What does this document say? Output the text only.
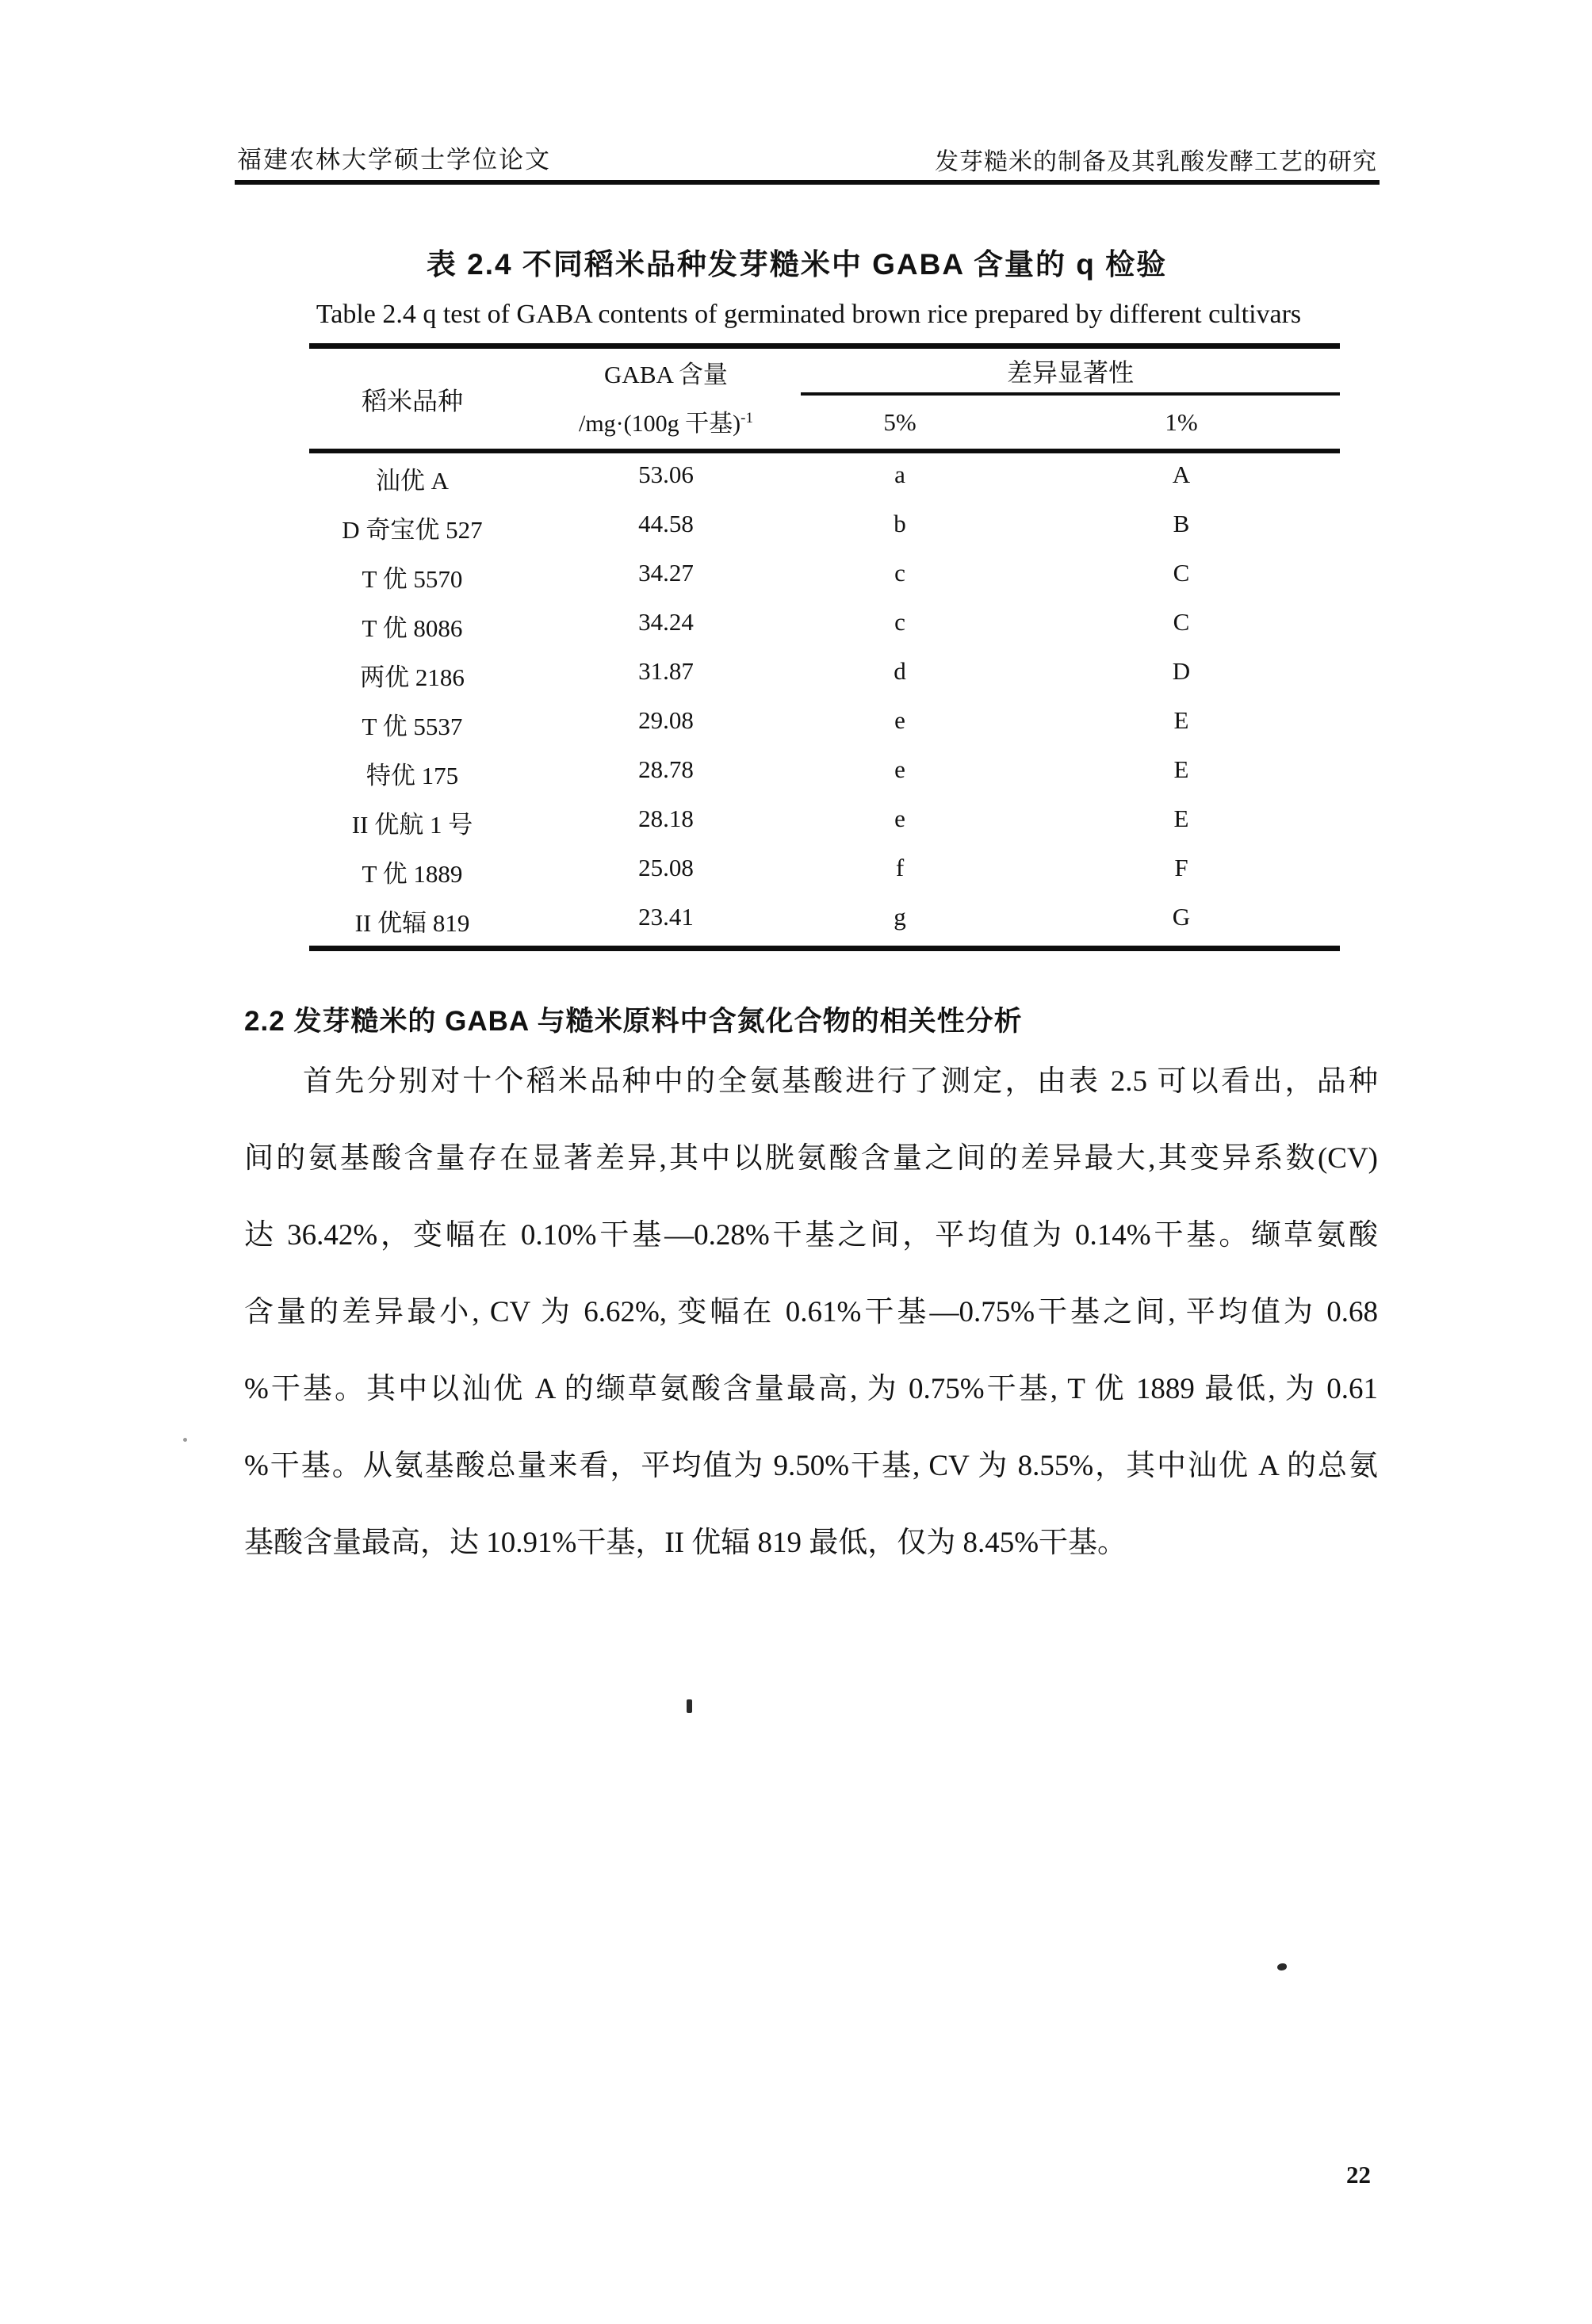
福建农林大学硕士学位论文	发芽糙米的制备及其乳酸发酵工艺的研究
表 2.4 不同稻米品种发芽糙米中 GABA 含量的 q 检验
Table 2.4 q test of GABA contents of germinated brown rice prepared by different cultivars
稻米品种
GABA 含量
/mg·(100g 干基)$^{-1}$
差异显著性
5%	1%
汕优 A	53.06	a	A
D 奇宝优 527	44.58	b	B
T 优 5570	34.27	c	C
T 优 8086	34.24	c	C
两优 2186	31.87	d	D
T 优 5537	29.08	e	E
特优 175	28.78	e	E
II 优航 1 号	28.18	e	E
T 优 1889	25.08	f	F
II 优辐 819	23.41	g	G
2.2 发芽糙米的 GABA 与糙米原料中含氮化合物的相关性分析
首先分别对十个稻米品种中的全氨基酸进行了测定，由表 2.5 可以看出，品种
间的氨基酸含量存在显著差异,其中以胱氨酸含量之间的差异最大,其变异系数(CV)
达 36.42%，变幅在 0.10%干基—0.28%干基之间，平均值为 0.14%干基。缬草氨酸
含量的差异最小, CV 为 6.62%, 变幅在 0.61%干基—0.75%干基之间, 平均值为 0.68
%干基。其中以汕优 A 的缬草氨酸含量最高, 为 0.75%干基, T 优 1889 最低, 为 0.61
%干基。从氨基酸总量来看，平均值为 9.50%干基, CV 为 8.55%，其中汕优 A 的总氨
基酸含量最高，达 10.91%干基，II 优辐 819 最低，仅为 8.45%干基。
22
